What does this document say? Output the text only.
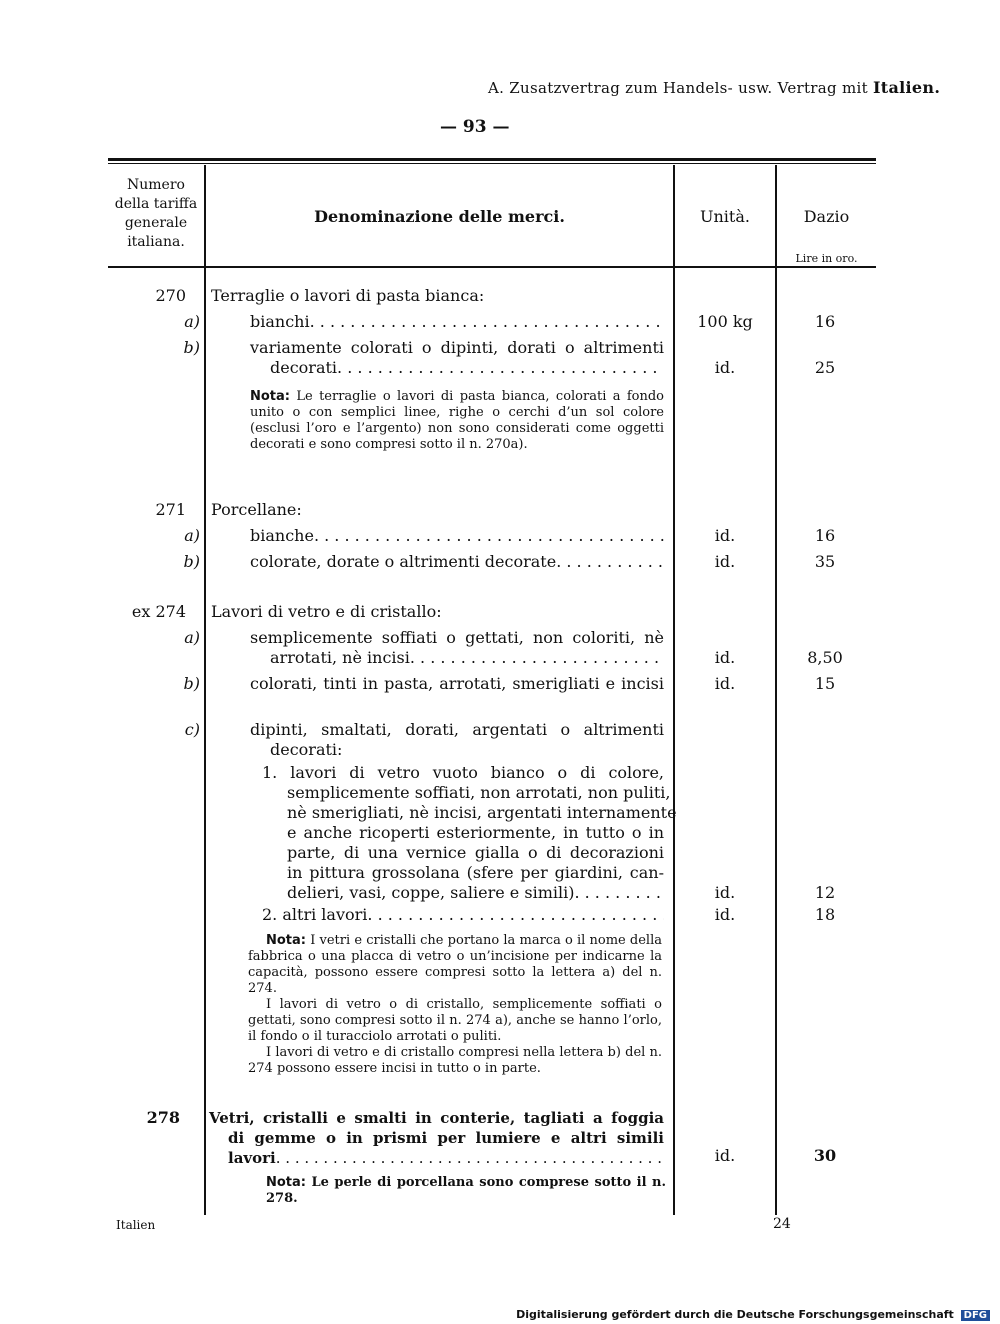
A. Zusatzvertrag zum Handels- usw. Vertrag mit Italien.
— 93 —
Numero
della tariffa
generale
italiana.
Denominazione delle merci.	Unità.	Dazio
Lire in oro.
270 Terraglie o lavori di pasta bianca:
a)	bianchi . . .	100 kg	16
b)	variamente colorati o dipinti, dorati o altrimenti
decorati . . .	id.	25
Nota: Le terraglie o lavori di pasta bianca, colorati a fondo unito o con semplici linee, righe o cerchi d’un sol colore (esclusi l’oro e l’argento) non sono considerati come oggetti decorati e sono compresi sotto il n. 270a).
271 Porcellane:
a)	bianche . . .	id.	16
b)	colorate, dorate o altrimenti decorate . . .	id.	35
ex 274 Lavori di vetro e di cristallo:
a)	semplicemente soffiati o gettati, non coloriti, nè
arrotati, nè incisi . . .	id.	8,50
b)	colorati, tinti in pasta, arrotati, smerigliati e incisi	id.	15
c)	dipinti, smaltati, dorati, argentati o altrimenti
decorati:
1. lavori di vetro vuoto bianco o di colore,
semplicemente soffiati, non arrotati, non puliti,
nè smerigliati, nè incisi, argentati internamente
e anche ricoperti esteriormente, in tutto o in
parte, di una vernice gialla o di decorazioni
in pittura grossolana (sfere per giardini, can-
delieri, vasi, coppe, saliere e simili) . . .	id.	12
2. altri lavori . . .	id.	18
Nota: I vetri e cristalli che portano la marca o il nome della fabbrica o una placca di vetro o un’incisione per indicarne la capacità, possono essere compresi sotto la lettera a) del n. 274.
I lavori di vetro o di cristallo, semplicemente soffiati o gettati, sono compresi sotto il n. 274 a), anche se hanno l’orlo, il fondo o il turacciolo arrotati o puliti.
I lavori di vetro e di cristallo compresi nella lettera b) del n. 274 possono essere incisi in tutto o in parte.
278 Vetri, cristalli e smalti in conterie, tagliati a foggia
di gemme o in prismi per lumiere e altri simili
lavori . . .	id.	30
Nota: Le perle di porcellana sono comprese sotto il n. 278.
Italien	24
Digitalisierung gefördert durch die Deutsche Forschungsgemeinschaft DFG
